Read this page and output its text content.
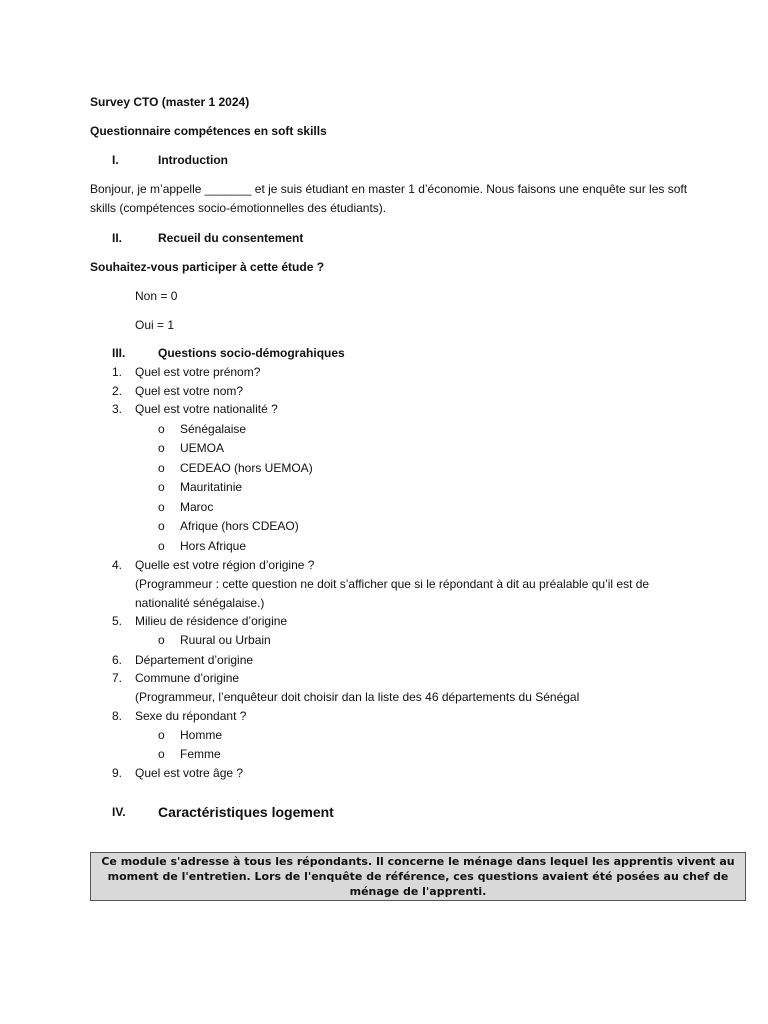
Survey CTO (master 1 2024)
Questionnaire compétences en soft skills
I.	Introduction
Bonjour, je m’appelle _______ et je suis étudiant en master 1 d’économie. Nous faisons une enquête sur les soft skills (compétences socio-émotionnelles des étudiants).
II.	Recueil du consentement
Souhaitez-vous participer à cette étude ?
Non = 0
Oui = 1
III.	Questions socio-démograhiques
1. Quel est votre prénom?
2. Quel est votre nom?
3. Quel est votre nationalité ?
o Sénégalaise
o UEMOA
o CEDEAO (hors UEMOA)
o Mauritatinie
o Maroc
o Afrique (hors CDEAO)
o Hors Afrique
4. Quelle est votre région d’origine ?
(Programmeur : cette question ne doit s’afficher que si le répondant à dit au préalable qu’il est de nationalité sénégalaise.)
5. Milieu de résidence d’origine
o Ruural ou Urbain
6. Département d’origine
7. Commune d’origine
(Programmeur, l’enquêteur doit choisir dan la liste des 46 départements du Sénégal
8. Sexe du répondant ?
o Homme
o Femme
9. Quel est votre âge ?
IV. Caractéristiques logement
Ce module s'adresse à tous les répondants. Il concerne le ménage dans lequel les apprentis vivent au moment de l'entretien. Lors de l'enquête de référence, ces questions avaient été posées au chef de ménage de l'apprenti.
